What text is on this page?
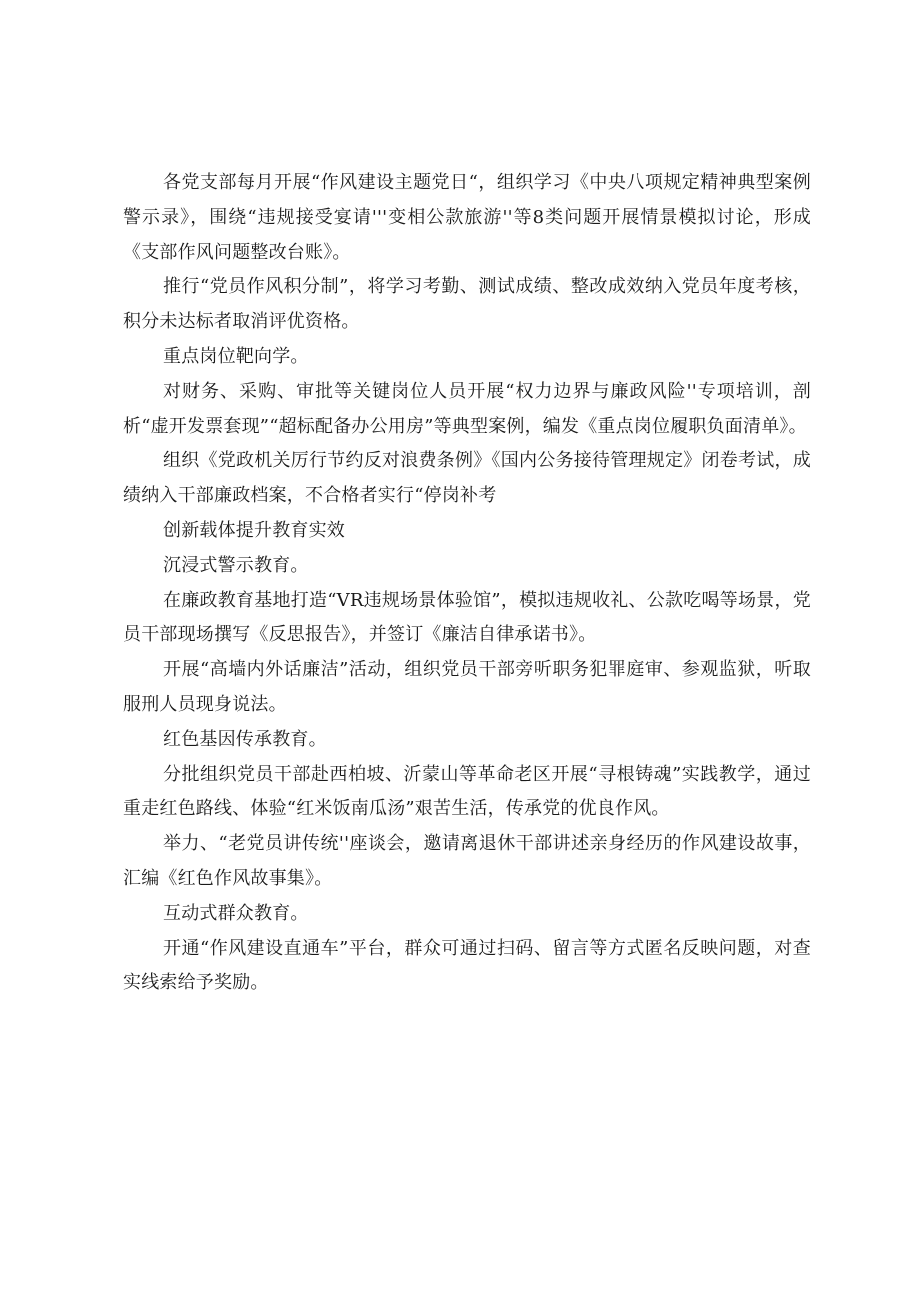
各党支部每月开展“作风建设主题党日“，组织学习《中央八项规定精神典型案例警示录》，围绕“违规接受宴请'''变相公款旅游''等8类问题开展情景模拟讨论，形成《支部作风问题整改台账》。

推行“党员作风积分制”，将学习考勤、测试成绩、整改成效纳入党员年度考核，积分未达标者取消评优资格。

重点岗位靶向学。

对财务、采购、审批等关键岗位人员开展“权力边界与廉政风险''专项培训，剖析“虚开发票套现”“超标配备办公用房”等典型案例，编发《重点岗位履职负面清单》。

组织《党政机关厉行节约反对浪费条例》《国内公务接待管理规定》闭卷考试，成绩纳入干部廉政档案，不合格者实行“停岗补考

创新载体提升教育实效

沉浸式警示教育。

在廉政教育基地打造“VR违规场景体验馆”，模拟违规收礼、公款吃喝等场景，党员干部现场撰写《反思报告》，并签订《廉洁自律承诺书》。

开展“高墙内外话廉洁”活动，组织党员干部旁听职务犯罪庭审、参观监狱，听取服刑人员现身说法。

红色基因传承教育。

分批组织党员干部赴西柏坡、沂蒙山等革命老区开展“寻根铸魂”实践教学，通过重走红色路线、体验“红米饭南瓜汤”艰苦生活，传承党的优良作风。

举力、“老党员讲传统''座谈会，邀请离退休干部讲述亲身经历的作风建设故事，汇编《红色作风故事集》。

互动式群众教育。

开通“作风建设直通车”平台，群众可通过扫码、留言等方式匿名反映问题，对查实线索给予奖励。
